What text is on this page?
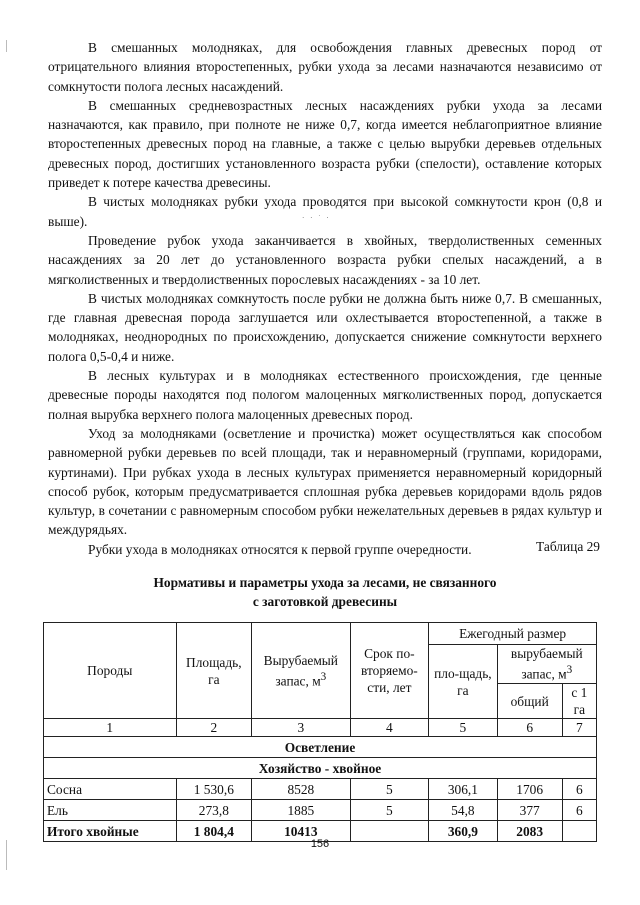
В смешанных молодняках, для освобождения главных древесных пород от отрицательного влияния второстепенных, рубки ухода за лесами назначаются независимо от сомкнутости полога лесных насаждений.

В смешанных средневозрастных лесных насаждениях рубки ухода за лесами назначаются, как правило, при полноте не ниже 0,7, когда имеется неблагоприятное влияние второстепенных древесных пород на главные, а также с целью вырубки деревьев отдельных древесных пород, достигших установленного возраста рубки (спелости), оставление которых приведет к потере качества древесины.

В чистых молодняках рубки ухода проводятся при высокой сомкнутости крон (0,8 и выше).

Проведение рубок ухода заканчивается в хвойных, твердолиственных семенных насаждениях за 20 лет до установленного возраста рубки спелых насаждений, а в мягколиственных и твердолиственных порослевых насаждениях - за 10 лет.

В чистых молодняках сомкнутость после рубки не должна быть ниже 0,7. В смешанных, где главная древесная порода заглушается или охлестывается второстепенной, а также в молодняках, неоднородных по происхождению, допускается снижение сомкнутости верхнего полога 0,5-0,4 и ниже.

В лесных культурах и в молодняках естественного происхождения, где ценные древесные породы находятся под пологом малоценных мягколиственных пород, допускается полная вырубка верхнего полога малоценных древесных пород.

Уход за молодняками (осветление и прочистка) может осуществляться как способом равномерной рубки деревьев по всей площади, так и неравномерный (группами, коридорами, куртинами). При рубках ухода в лесных культурах применяется неравномерный коридорный способ рубок, которым предусматривается сплошная рубка деревьев коридорами вдоль рядов культур, в сочетании с равномерным способом рубки нежелательных деревьев в рядах культур и междурядьях.

Рубки ухода в молодняках относятся к первой группе очередности.

· · ˙ ·
Таблица 29
Нормативы и параметры ухода за лесами, не связанного
с заготовкой древесины
Породы	Площадь, га	Вырубаемый запас, $м^3$	Срок по-вторяемо-сти, лет	Ежегодный размер		
				пло-щадь, га	вырубаемый запас, $м^3$
					общий	с 1 га
1	2	3	4	5	6	7
Осветление						
Хозяйство - хвойное						
Сосна	1 530,6	8528	5	306,1	1706	6
Ель	273,8	1885	5	54,8	377	6
Итого хвойные	1 804,4	10413		360,9	2083	
156
